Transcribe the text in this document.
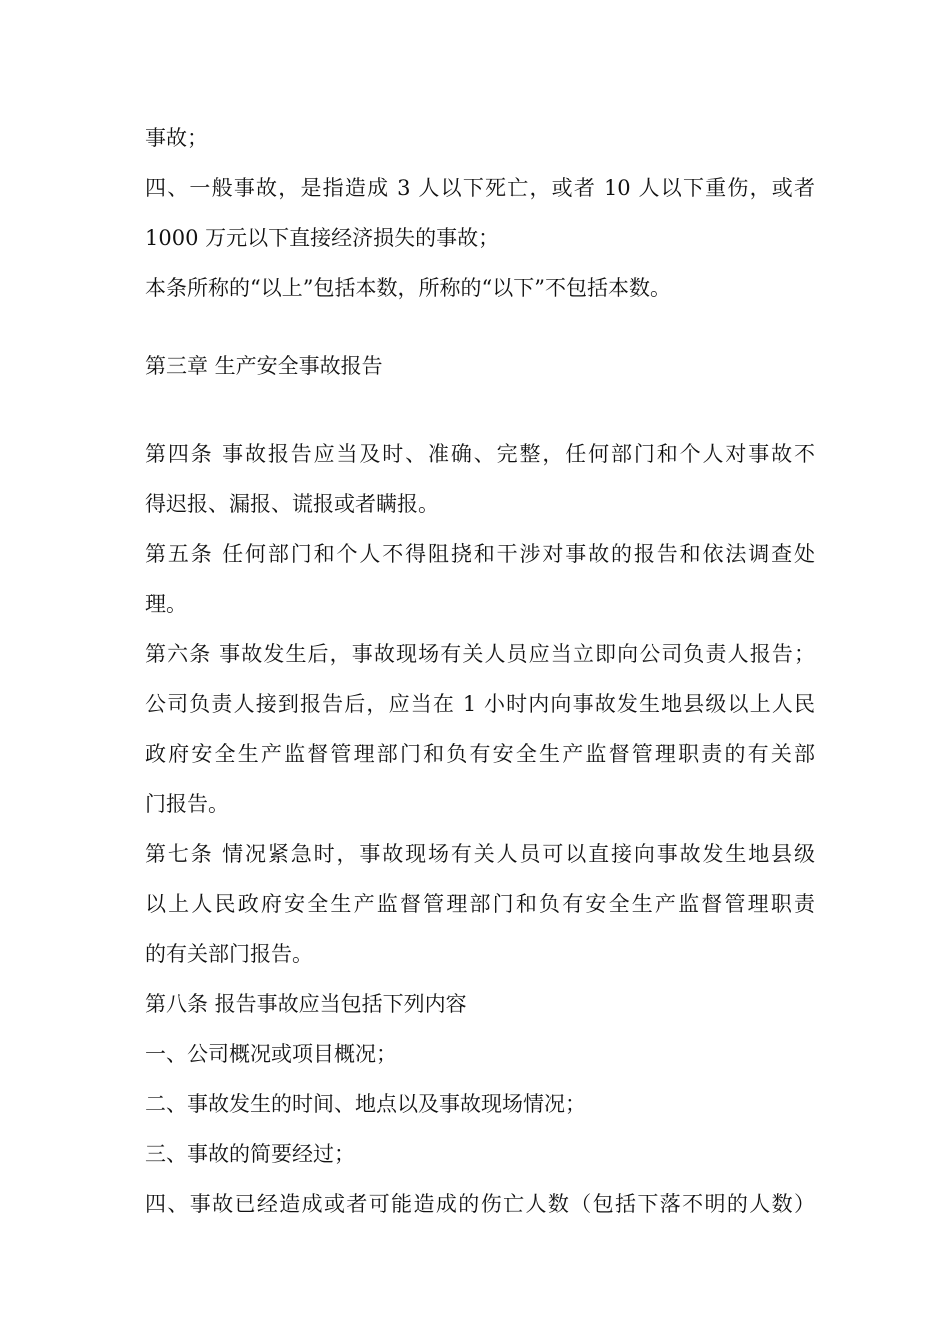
事故；
四、一般事故，是指造成 3 人以下死亡，或者 10 人以下重伤，或者
1000 万元以下直接经济损失的事故；
本条所称的“以上”包括本数，所称的“以下”不包括本数。
第三章 生产安全事故报告
第四条 事故报告应当及时、准确、完整，任何部门和个人对事故不
得迟报、漏报、谎报或者瞒报。
第五条 任何部门和个人不得阻挠和干涉对事故的报告和依法调查处
理。
第六条 事故发生后，事故现场有关人员应当立即向公司负责人报告；
公司负责人接到报告后，应当在 1 小时内向事故发生地县级以上人民
政府安全生产监督管理部门和负有安全生产监督管理职责的有关部
门报告。
第七条 情况紧急时，事故现场有关人员可以直接向事故发生地县级
以上人民政府安全生产监督管理部门和负有安全生产监督管理职责
的有关部门报告。
第八条 报告事故应当包括下列内容
一、公司概况或项目概况；
二、事故发生的时间、地点以及事故现场情况；
三、事故的简要经过；
四、事故已经造成或者可能造成的伤亡人数（包括下落不明的人数）
